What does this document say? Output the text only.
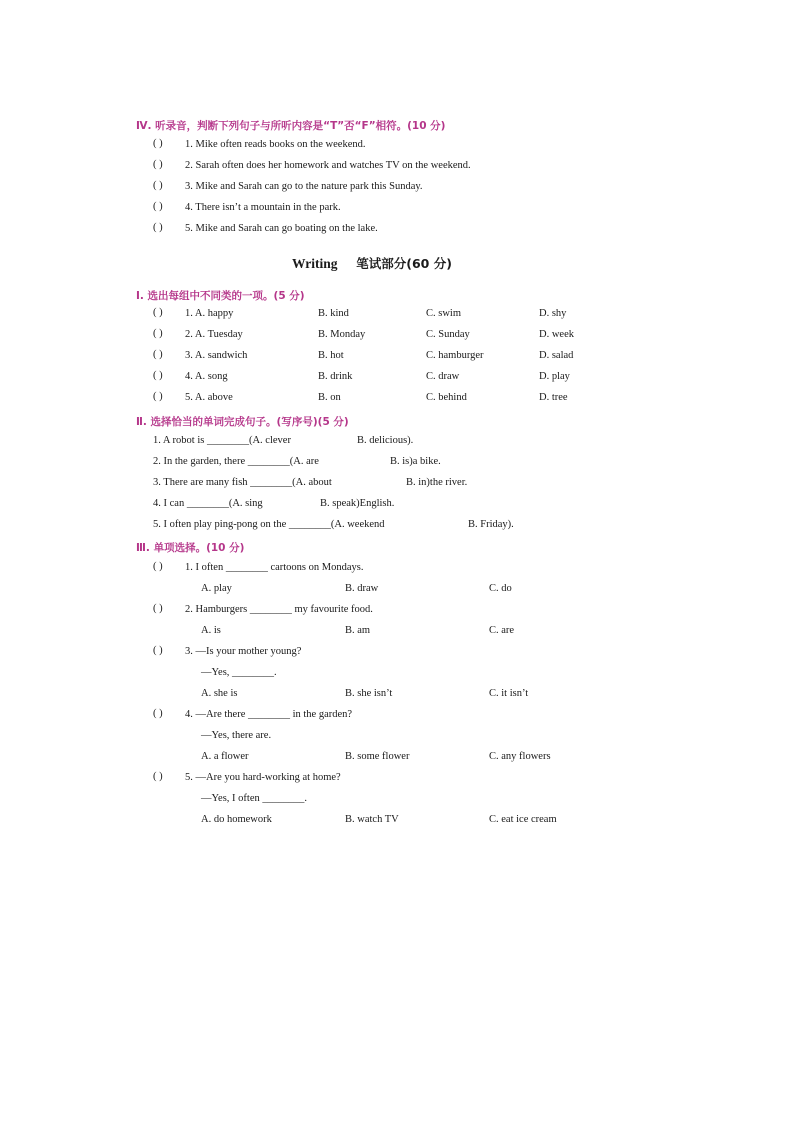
Ⅳ. 听录音，判断下列句子与所听内容是“T”否“F”相符。(10 分)
( ) 1. Mike often reads books on the weekend.
( ) 2. Sarah often does her homework and watches TV on the weekend.
( ) 3. Mike and Sarah can go to the nature park this Sunday.
( ) 4. There isn’t a mountain in the park.
( ) 5. Mike and Sarah can go boating on the lake.
Writing 笔试部分(60 分)
Ⅰ. 选出每组中不同类的一项。(5 分)
( ) 1. A. happy	B. kind	C. swim	D. shy
( ) 2. A. Tuesday	B. Monday	C. Sunday	D. week
( ) 3. A. sandwich	B. hot	C. hamburger	D. salad
( ) 4. A. song	B. drink	C. draw	D. play
( ) 5. A. above	B. on	C. behind	D. tree
Ⅱ. 选择恰当的单词完成句子。(写序号)(5 分)
1. A robot is ________(A. clever	B. delicious).
2. In the garden, there ________(A. are	B. is)a bike.
3. There are many fish ________(A. about	B. in)the river.
4. I can ________(A. sing	B. speak)English.
5. I often play ping-pong on the ________(A. weekend	B. Friday).
Ⅲ. 单项选择。(10 分)
( ) 1. I often ________ cartoons on Mondays.
A. play	B. draw	C. do
( ) 2. Hamburgers ________ my favourite food.
A. is	B. am	C. are
( ) 3. —Is your mother young?
—Yes, ________.
A. she is	B. she isn’t	C. it isn’t
( ) 4. —Are there ________ in the garden?
—Yes, there are.
A. a flower	B. some flower	C. any flowers
( ) 5. —Are you hard-working at home?
—Yes, I often ________.
A. do homework	B. watch TV	C. eat ice cream
